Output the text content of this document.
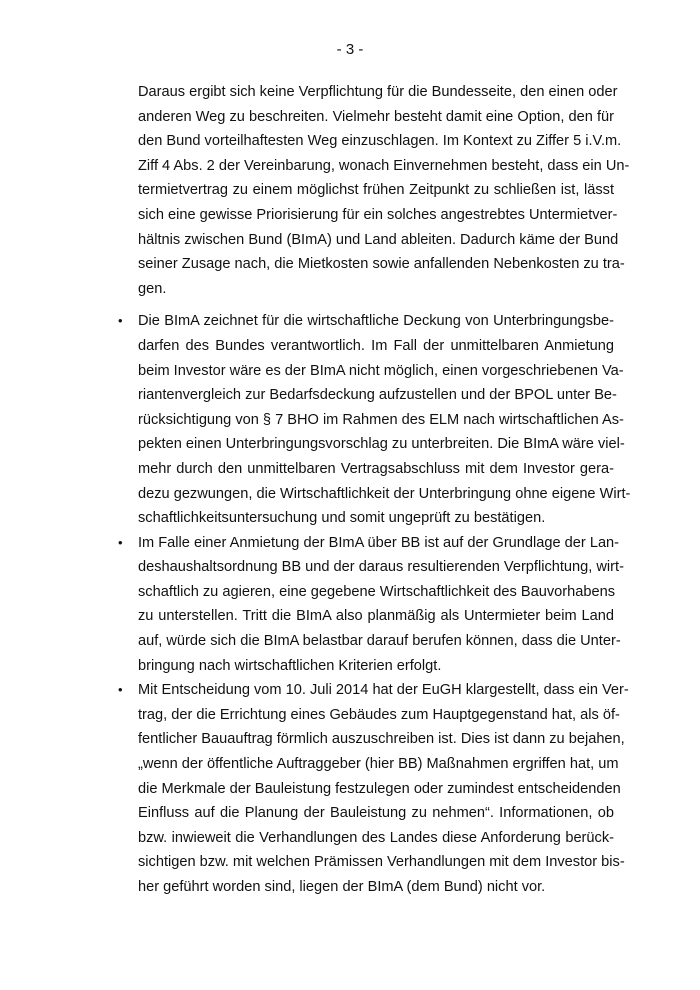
- 3 -
Daraus ergibt sich keine Verpflichtung für die Bundesseite, den einen oder
anderen Weg zu beschreiten. Vielmehr besteht damit eine Option, den für
den Bund vorteilhaftesten Weg einzuschlagen. Im Kontext zu Ziffer 5 i.V.m.
Ziff 4 Abs. 2 der Vereinbarung, wonach Einvernehmen besteht, dass ein Un-
termietvertrag zu einem möglichst frühen Zeitpunkt zu schließen ist, lässt
sich eine gewisse Priorisierung für ein solches angestrebtes Untermietver-
hältnis zwischen Bund (BImA) und Land ableiten. Dadurch käme der Bund
seiner Zusage nach, die Mietkosten sowie anfallenden Nebenkosten zu tra-
gen.
• Die BImA zeichnet für die wirtschaftliche Deckung von Unterbringungsbe-
darfen des Bundes verantwortlich. Im Fall der unmittelbaren Anmietung
beim Investor wäre es der BImA nicht möglich, einen vorgeschriebenen Va-
riantenvergleich zur Bedarfsdeckung aufzustellen und der BPOL unter Be-
rücksichtigung von § 7 BHO im Rahmen des ELM nach wirtschaftlichen As-
pekten einen Unterbringungsvorschlag zu unterbreiten. Die BImA wäre viel-
mehr durch den unmittelbaren Vertragsabschluss mit dem Investor gera-
dezu gezwungen, die Wirtschaftlichkeit der Unterbringung ohne eigene Wirt-
schaftlichkeitsuntersuchung und somit ungeprüft zu bestätigen.
• Im Falle einer Anmietung der BImA über BB ist auf der Grundlage der Lan-
deshaushaltsordnung BB und der daraus resultierenden Verpflichtung, wirt-
schaftlich zu agieren, eine gegebene Wirtschaftlichkeit des Bauvorhabens
zu unterstellen. Tritt die BImA also planmäßig als Untermieter beim Land
auf, würde sich die BImA belastbar darauf berufen können, dass die Unter-
bringung nach wirtschaftlichen Kriterien erfolgt.
• Mit Entscheidung vom 10. Juli 2014 hat der EuGH klargestellt, dass ein Ver-
trag, der die Errichtung eines Gebäudes zum Hauptgegenstand hat, als öf-
fentlicher Bauauftrag förmlich auszuschreiben ist. Dies ist dann zu bejahen,
„wenn der öffentliche Auftraggeber (hier BB) Maßnahmen ergriffen hat, um
die Merkmale der Bauleistung festzulegen oder zumindest entscheidenden
Einfluss auf die Planung der Bauleistung zu nehmen“. Informationen, ob
bzw. inwieweit die Verhandlungen des Landes diese Anforderung berück-
sichtigen bzw. mit welchen Prämissen Verhandlungen mit dem Investor bis-
her geführt worden sind, liegen der BImA (dem Bund) nicht vor.
